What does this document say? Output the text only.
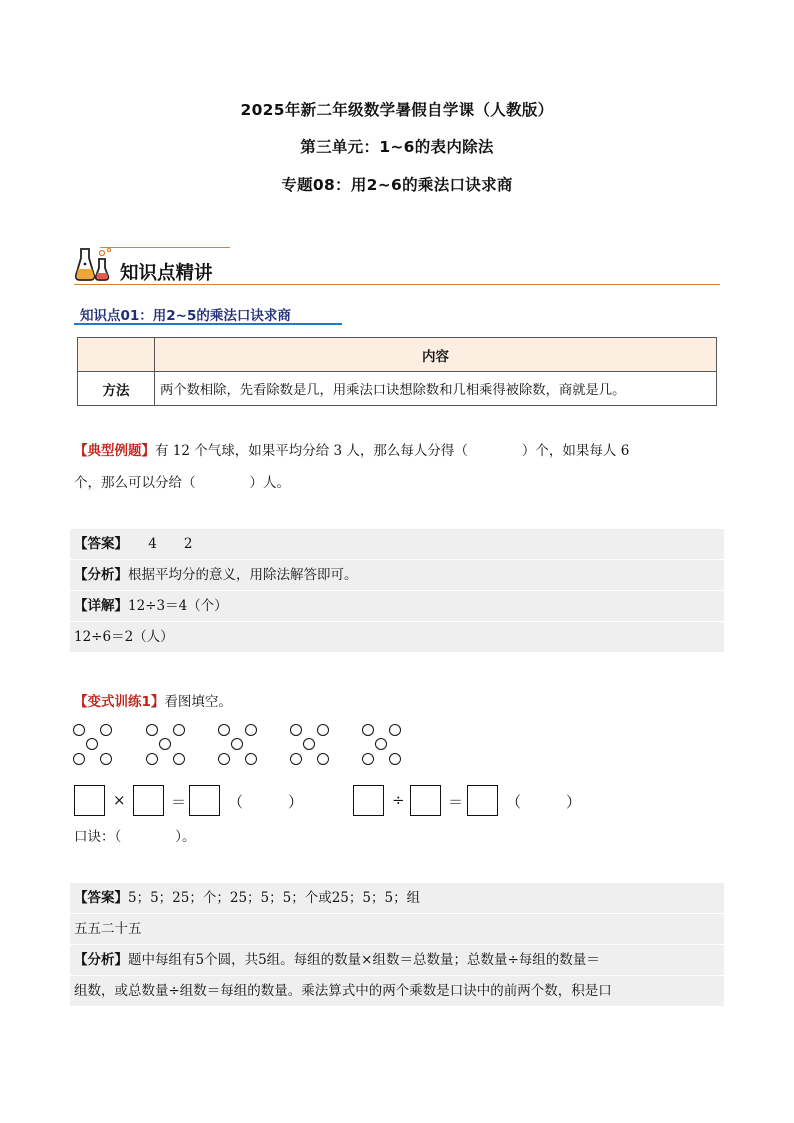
2025年新二年级数学暑假自学课（人教版）
第三单元：1~6的表内除法
专题08：用2~6的乘法口诀求商
知识点精讲
知识点01：用2~5的乘法口诀求商
	内容
方法	两个数相除，先看除数是几，用乘法口诀想除数和几相乘得被除数，商就是几。
【典型例题】有 12 个气球，如果平均分给 3 人，那么每人分得（　　　　）个，如果每人 6
个，那么可以分给（　　　　）人。
【答案】　　4　　2
【分析】根据平均分的意义，用除法解答即可。
【详解】12÷3＝4（个）
12÷6＝2（人）
【变式训练1】看图填空。
×	＝	（　　　）	÷	＝	（　　　）
口诀：（　　　　）。
【答案】5；5；25；个；25；5；5；个或25；5；5；组
五五二十五
【分析】题中每组有5个圆，共5组。每组的数量×组数＝总数量；总数量÷每组的数量＝
组数，或总数量÷组数＝每组的数量。乘法算式中的两个乘数是口诀中的前两个数，积是口
